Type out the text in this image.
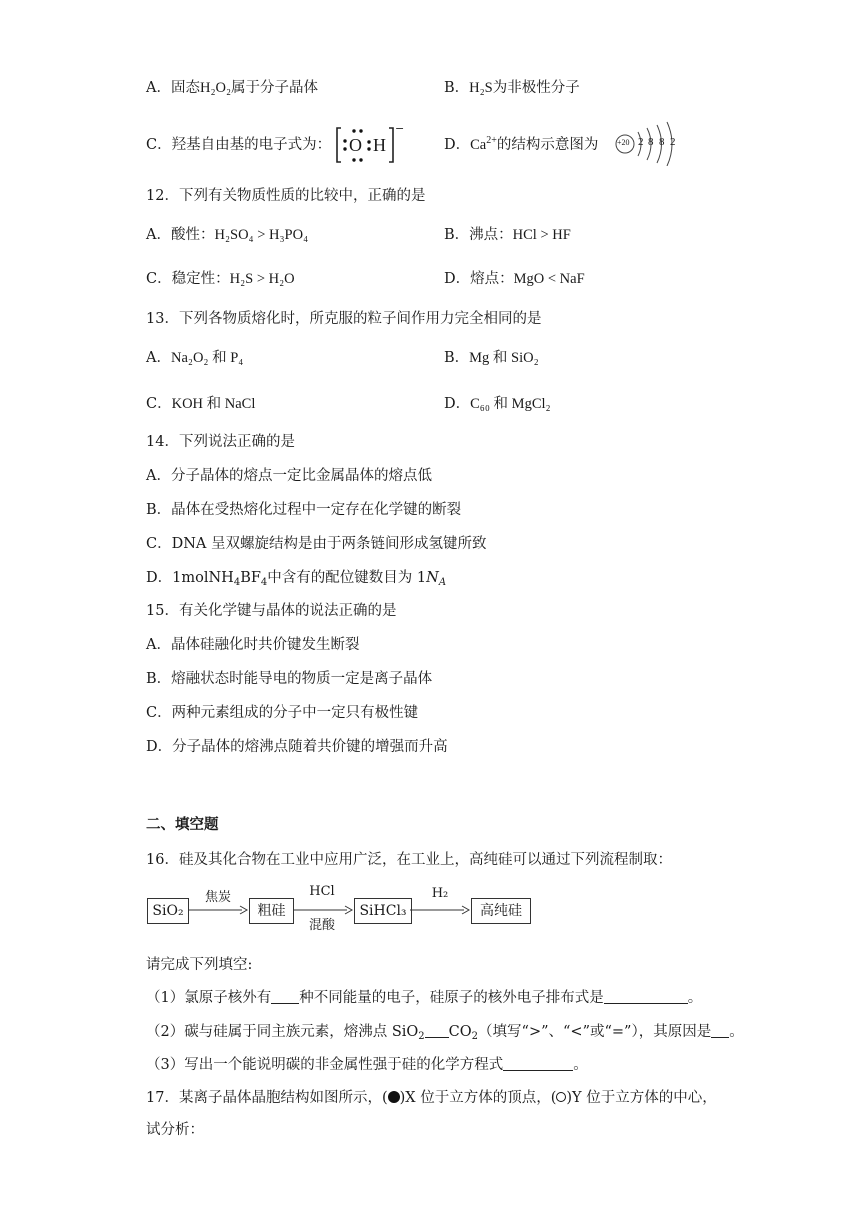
A．固态H₂O₂属于分子晶体	B．H₂S为非极性分子
C．羟基自由基的电子式为： O H
−
D．$Ca^{2+}$的结构示意图为 +20 2 8 8 2
12．下列有关物质性质的比较中，正确的是
A．酸性：H₂SO₄ > H₃PO₄	B．沸点：HCl > HF
C．稳定性：H₂S > H₂O	D．熔点：MgO < NaF
13．下列各物质熔化时，所克服的粒子间作用力完全相同的是
A．Na₂O₂ 和 P₄	B．Mg 和 SiO₂
C．KOH 和 NaCl	D．C₆₀ 和 MgCl₂
14．下列说法正确的是
A．分子晶体的熔点一定比金属晶体的熔点低
B．晶体在受热熔化过程中一定存在化学键的断裂
C．DNA 呈双螺旋结构是由于两条链间形成氢键所致
D．$1molNH_4BF_4$中含有的配位键数目为 $1N_A$
15．有关化学键与晶体的说法正确的是
A．晶体硅融化时共价键发生断裂
B．熔融状态时能导电的物质一定是离子晶体
C．两种元素组成的分子中一定只有极性键
D．分子晶体的熔沸点随着共价键的增强而升高
二、填空题
16．硅及其化合物在工业中应用广泛，在工业上，高纯硅可以通过下列流程制取：
SiO₂
焦炭
粗硅
HCl
混酸
SiHCl₃
H₂
高纯硅
请完成下列填空:
（1）氯原子核外有 种不同能量的电子，硅原子的核外电子排布式是	。
（2）碳与硅属于同主族元素，熔沸点 SiO$_2$ $CO_2$（填写“>”、“<”或“=”），其原因是 。
（3）写出一个能说明碳的非金属性强于硅的化学方程式	。
17．某离子晶体晶胞结构如图所示，( )X 位于立方体的顶点，( )Y 位于立方体的中心，
试分析：
